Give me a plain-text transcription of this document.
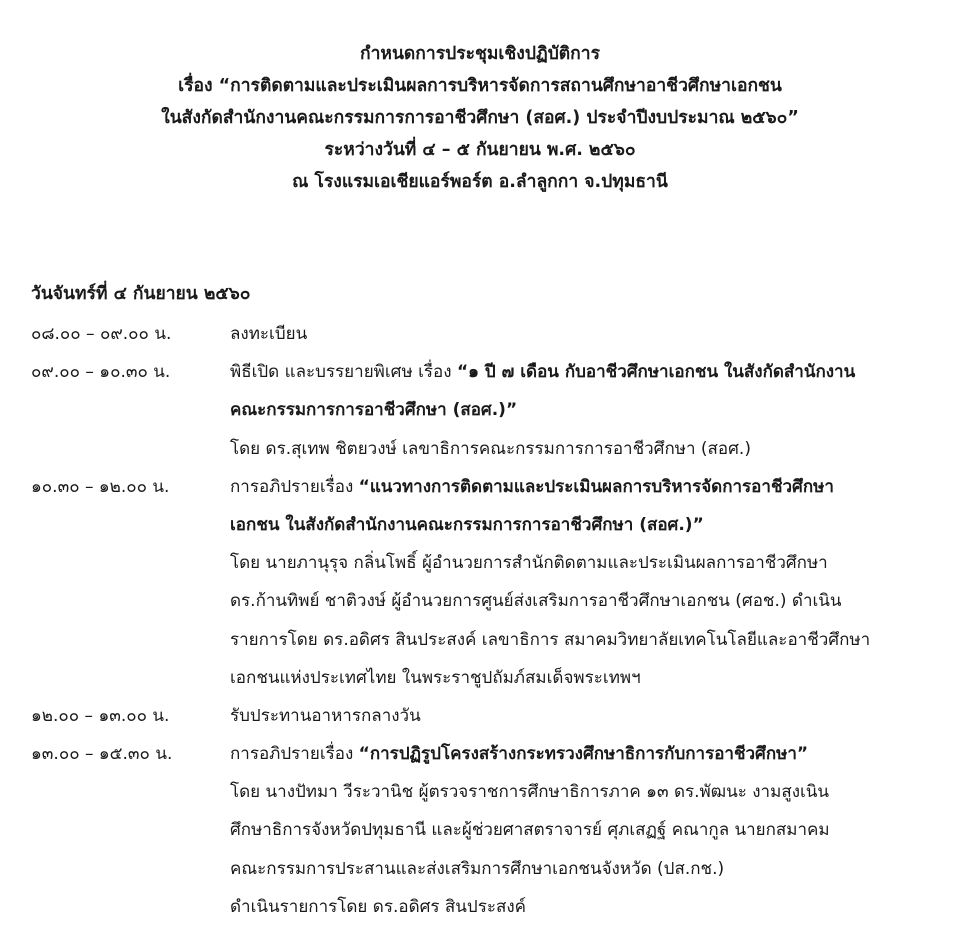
กำหนดการประชุมเชิงปฏิบัติการ
เรื่อง “การติดตามและประเมินผลการบริหารจัดการสถานศึกษาอาชีวศึกษาเอกชน
ในสังกัดสำนักงานคณะกรรมการการอาชีวศึกษา (สอศ.) ประจำปีงบประมาณ ๒๕๖๐”
ระหว่างวันที่ ๔ – ๕ กันยายน พ.ศ. ๒๕๖๐
ณ โรงแรมเอเชียแอร์พอร์ต อ.ลำลูกกา จ.ปทุมธานี
วันจันทร์ที่ ๔ กันยายน ๒๕๖๐
๐๘.๐๐ – ๐๙.๐๐ น.	ลงทะเบียน
๐๙.๐๐ – ๑๐.๓๐ น.	พิธีเปิด และบรรยายพิเศษ เรื่อง “๑ ปี ๗ เดือน กับอาชีวศึกษาเอกชน ในสังกัดสำนักงาน
คณะกรรมการการอาชีวศึกษา (สอศ.)”
โดย ดร.สุเทพ ชิตยวงษ์ เลขาธิการคณะกรรมการการอาชีวศึกษา (สอศ.)
๑๐.๓๐ – ๑๒.๐๐ น.	การอภิปรายเรื่อง “แนวทางการติดตามและประเมินผลการบริหารจัดการอาชีวศึกษา
เอกชน ในสังกัดสำนักงานคณะกรรมการการอาชีวศึกษา (สอศ.)”
โดย นายภานุรุจ กลิ่นโพธิ์ ผู้อำนวยการสำนักติดตามและประเมินผลการอาชีวศึกษา
ดร.ก้านทิพย์ ชาติวงษ์ ผู้อำนวยการศูนย์ส่งเสริมการอาชีวศึกษาเอกชน (ศอช.) ดำเนิน
รายการโดย ดร.อดิศร สินประสงค์ เลขาธิการ สมาคมวิทยาลัยเทคโนโลยีและอาชีวศึกษา
เอกชนแห่งประเทศไทย ในพระราชูปถัมภ์สมเด็จพระเทพฯ
๑๒.๐๐ – ๑๓.๐๐ น.	รับประทานอาหารกลางวัน
๑๓.๐๐ – ๑๕.๓๐ น.	การอภิปรายเรื่อง “การปฏิรูปโครงสร้างกระทรวงศึกษาธิการกับการอาชีวศึกษา”
โดย นางปัทมา วีระวานิช ผู้ตรวจราชการศึกษาธิการภาค ๑๓ ดร.พัฒนะ งามสูงเนิน
ศึกษาธิการจังหวัดปทุมธานี และผู้ช่วยศาสตราจารย์ ศุภเสฏฐ์ คณากูล นายกสมาคม
คณะกรรมการประสานและส่งเสริมการศึกษาเอกชนจังหวัด (ปส.กช.)
ดำเนินรายการโดย ดร.อดิศร สินประสงค์
